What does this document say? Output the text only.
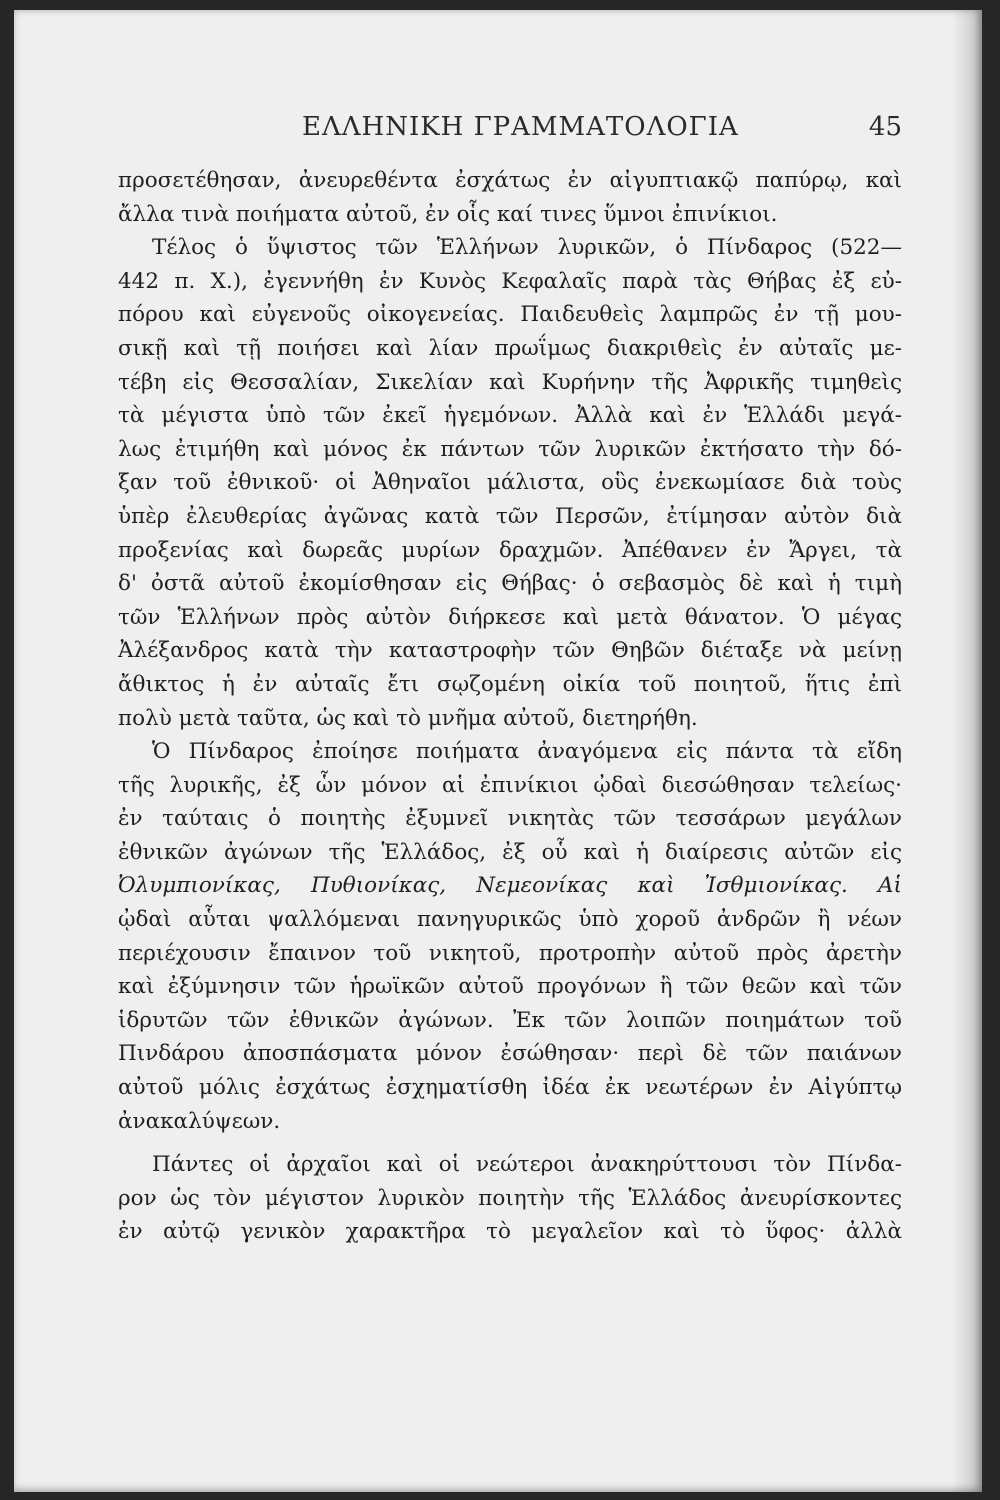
ΕΛΛΗΝΙΚΗ ΓΡΑΜΜΑΤΟΛΟΓΙΑ	45
προσετέθησαν, ἀνευρεθέντα ἐσχάτως ἐν αἰγυπτιακῷ παπύρῳ, καὶ
ἄλλα τινὰ ποιήματα αὐτοῦ, ἐν οἷς καί τινες ὕμνοι ἐπινίκιοι.
Τέλος ὁ ὕψιστος τῶν Ἑλλήνων λυρικῶν, ὁ Πίνδαρος (522—
442 π. Χ.), ἐγεννήθη ἐν Κυνὸς Κεφαλαῖς παρὰ τὰς Θήβας ἐξ εὐ-
πόρου καὶ εὐγενοῦς οἰκογενείας. Παιδευθεὶς λαμπρῶς ἐν τῇ μου-
σικῇ καὶ τῇ ποιήσει καὶ λίαν πρωΐμως διακριθεὶς ἐν αὐταῖς με-
τέβη εἰς Θεσσαλίαν, Σικελίαν καὶ Κυρήνην τῆς Ἀφρικῆς τιμηθεὶς
τὰ μέγιστα ὑπὸ τῶν ἐκεῖ ἡγεμόνων. Ἀλλὰ καὶ ἐν Ἑλλάδι μεγά-
λως ἐτιμήθη καὶ μόνος ἐκ πάντων τῶν λυρικῶν ἐκτήσατο τὴν δό-
ξαν τοῦ ἐθνικοῦ· οἱ Ἀθηναῖοι μάλιστα, οὓς ἐνεκωμίασε διὰ τοὺς
ὑπὲρ ἐλευθερίας ἀγῶνας κατὰ τῶν Περσῶν, ἐτίμησαν αὐτὸν διὰ
προξενίας καὶ δωρεᾶς μυρίων δραχμῶν. Ἀπέθανεν ἐν Ἄργει, τὰ
δ' ὀστᾶ αὐτοῦ ἐκομίσθησαν εἰς Θήβας· ὁ σεβασμὸς δὲ καὶ ἡ τιμὴ
τῶν Ἑλλήνων πρὸς αὐτὸν διήρκεσε καὶ μετὰ θάνατον. Ὁ μέγας
Ἀλέξανδρος κατὰ τὴν καταστροφὴν τῶν Θηβῶν διέταξε νὰ μείνῃ
ἄθικτος ἡ ἐν αὐταῖς ἔτι σῳζομένη οἰκία τοῦ ποιητοῦ, ἥτις ἐπὶ
πολὺ μετὰ ταῦτα, ὡς καὶ τὸ μνῆμα αὐτοῦ, διετηρήθη.
Ὁ Πίνδαρος ἐποίησε ποιήματα ἀναγόμενα εἰς πάντα τὰ εἴδη
τῆς λυρικῆς, ἐξ ὧν μόνον αἱ ἐπινίκιοι ᾠδαὶ διεσώθησαν τελείως·
ἐν ταύταις ὁ ποιητὴς ἐξυμνεῖ νικητὰς τῶν τεσσάρων μεγάλων
ἐθνικῶν ἀγώνων τῆς Ἑλλάδος, ἐξ οὗ καὶ ἡ διαίρεσις αὐτῶν εἰς
Ὀλυμπιονίκας, Πυθιονίκας, Νεμεονίκας καὶ Ἰσθμιονίκας. Αἱ
ᾠδαὶ αὗται ψαλλόμεναι πανηγυρικῶς ὑπὸ χοροῦ ἀνδρῶν ἢ νέων
περιέχουσιν ἔπαινον τοῦ νικητοῦ, προτροπὴν αὐτοῦ πρὸς ἀρετὴν
καὶ ἐξύμνησιν τῶν ἡρωϊκῶν αὐτοῦ προγόνων ἢ τῶν θεῶν καὶ τῶν
ἱδρυτῶν τῶν ἐθνικῶν ἀγώνων. Ἐκ τῶν λοιπῶν ποιημάτων τοῦ
Πινδάρου ἀποσπάσματα μόνον ἐσώθησαν· περὶ δὲ τῶν παιάνων
αὐτοῦ μόλις ἐσχάτως ἐσχηματίσθη ἰδέα ἐκ νεωτέρων ἐν Αἰγύπτῳ
ἀνακαλύψεων.
Πάντες οἱ ἀρχαῖοι καὶ οἱ νεώτεροι ἀνακηρύττουσι τὸν Πίνδα-
ρον ὡς τὸν μέγιστον λυρικὸν ποιητὴν τῆς Ἑλλάδος ἀνευρίσκοντες
ἐν αὐτῷ γενικὸν χαρακτῆρα τὸ μεγαλεῖον καὶ τὸ ὕφος· ἀλλὰ
